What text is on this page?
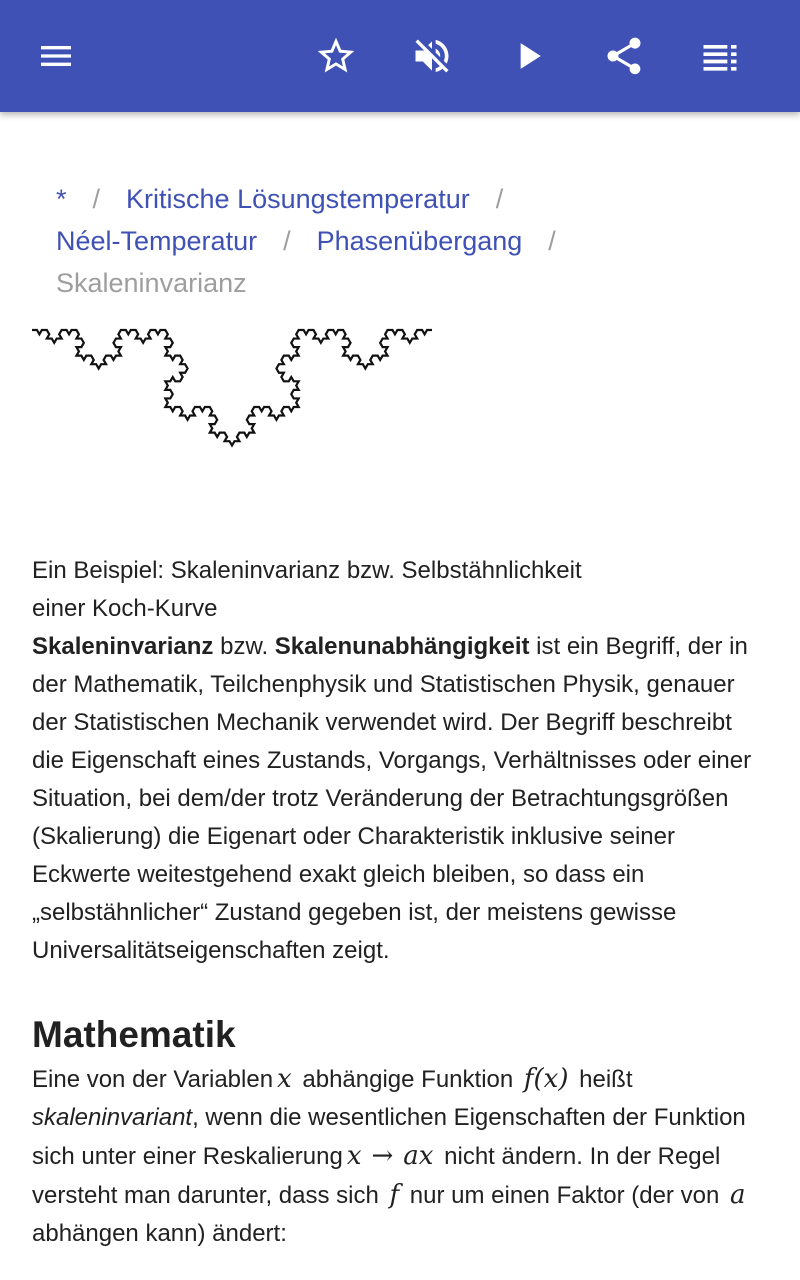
* / Kritische Lösungstemperatur /
Néel-Temperatur / Phasenübergang /
Skaleninvarianz
Ein Beispiel: Skaleninvarianz bzw. Selbstähnlichkeit einer Koch-Kurve

Skaleninvarianz bzw. Skalenunabhängigkeit ist ein Begriff, der in der Mathematik, Teilchenphysik und Statistischen Physik, genauer der Statistischen Mechanik verwendet wird. Der Begriff beschreibt die Eigenschaft eines Zustands, Vorgangs, Verhältnisses oder einer Situation, bei dem/der trotz Veränderung der Betrachtungsgrößen (Skalierung) die Eigenart oder Charakteristik inklusive seiner Eckwerte weitestgehend exakt gleich bleiben, so dass ein „selbstähnlicher“ Zustand gegeben ist, der meistens gewisse Universalitätseigenschaften zeigt.

Mathematik

Eine von der Variablen x abhängige Funktion f(x) heißt skaleninvariant, wenn die wesentlichen Eigenschaften der Funktion sich unter einer Reskalierung x → ax nicht ändern. In der Regel versteht man darunter, dass sich f nur um einen Faktor (der von a abhängen kann) ändert:
